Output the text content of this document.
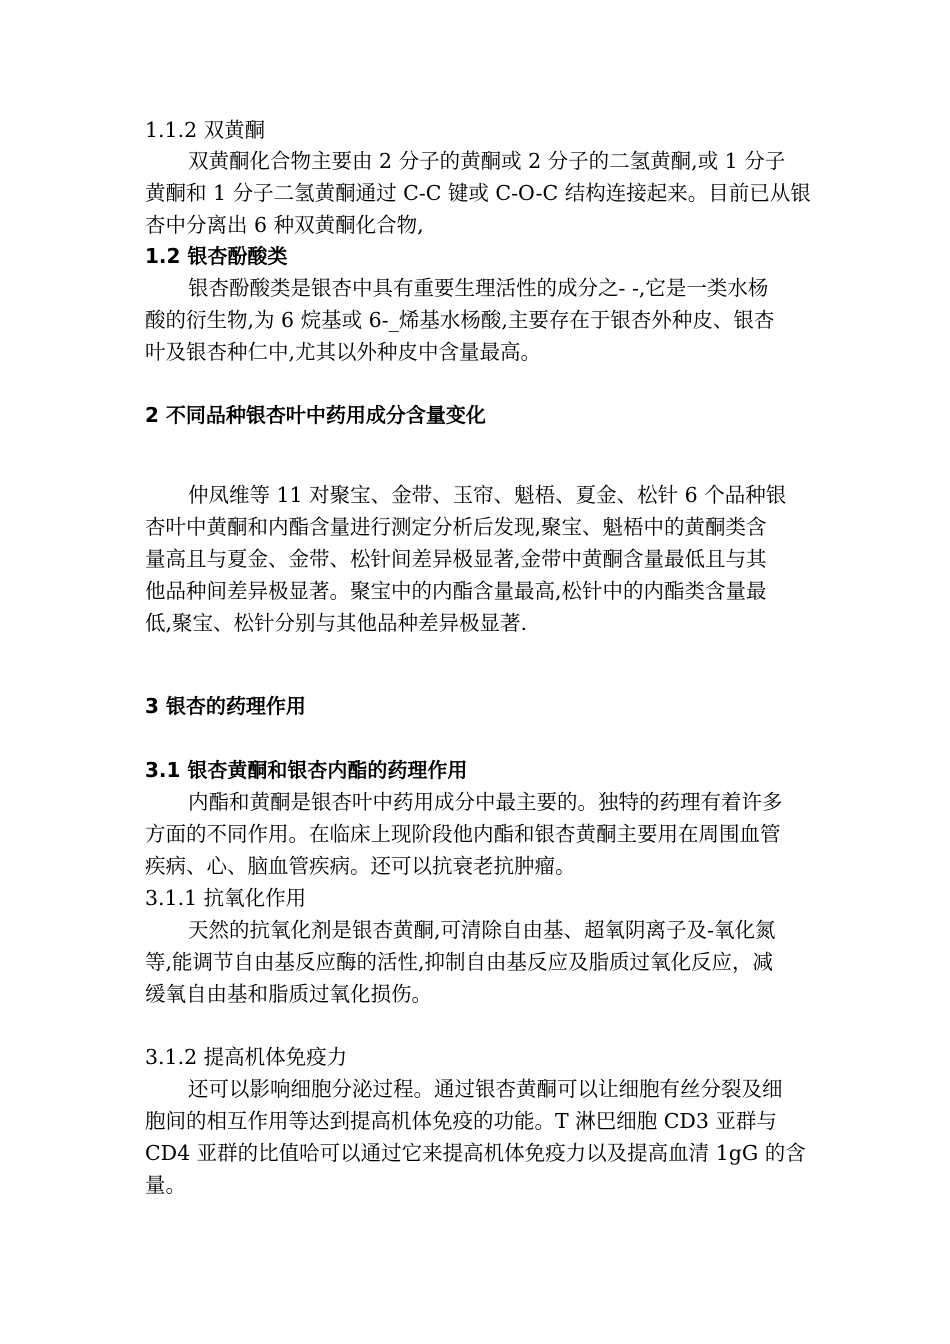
1.1.2 双黄酮
双黄酮化合物主要由 2 分子的黄酮或 2 分子的二氢黄酮,或 1 分子
黄酮和 1 分子二氢黄酮通过 C-C 键或 C-O-C 结构连接起来。目前已从银
杏中分离出 6 种双黄酮化合物,
1.2 银杏酚酸类
银杏酚酸类是银杏中具有重要生理活性的成分之- -,它是一类水杨
酸的衍生物,为 6 烷基或 6-_烯基水杨酸,主要存在于银杏外种皮、银杏
叶及银杏种仁中,尤其以外种皮中含量最高。
2 不同品种银杏叶中药用成分含量变化
仲凤维等 11 对聚宝、金带、玉帘、魁梧、夏金、松针 6 个品种银
杏叶中黄酮和内酯含量进行测定分析后发现,聚宝、魁梧中的黄酮类含
量高且与夏金、金带、松针间差异极显著,金带中黄酮含量最低且与其
他品种间差异极显著。聚宝中的内酯含量最高,松针中的内酯类含量最
低,聚宝、松针分别与其他品种差异极显著.
3 银杏的药理作用
3.1 银杏黄酮和银杏内酯的药理作用
内酯和黄酮是银杏叶中药用成分中最主要的。独特的药理有着许多
方面的不同作用。在临床上现阶段他内酯和银杏黄酮主要用在周围血管
疾病、心、脑血管疾病。还可以抗衰老抗肿瘤。
3.1.1 抗氧化作用
天然的抗氧化剂是银杏黄酮,可清除自由基、超氧阴离子及-氧化氮
等,能调节自由基反应酶的活性,抑制自由基反应及脂质过氧化反应，减
缓氧自由基和脂质过氧化损伤。
3.1.2 提高机体免疫力
还可以影响细胞分泌过程。通过银杏黄酮可以让细胞有丝分裂及细
胞间的相互作用等达到提高机体免疫的功能。T 淋巴细胞 CD3 亚群与
CD4 亚群的比值哈可以通过它来提高机体免疫力以及提高血清 1gG 的含
量。
